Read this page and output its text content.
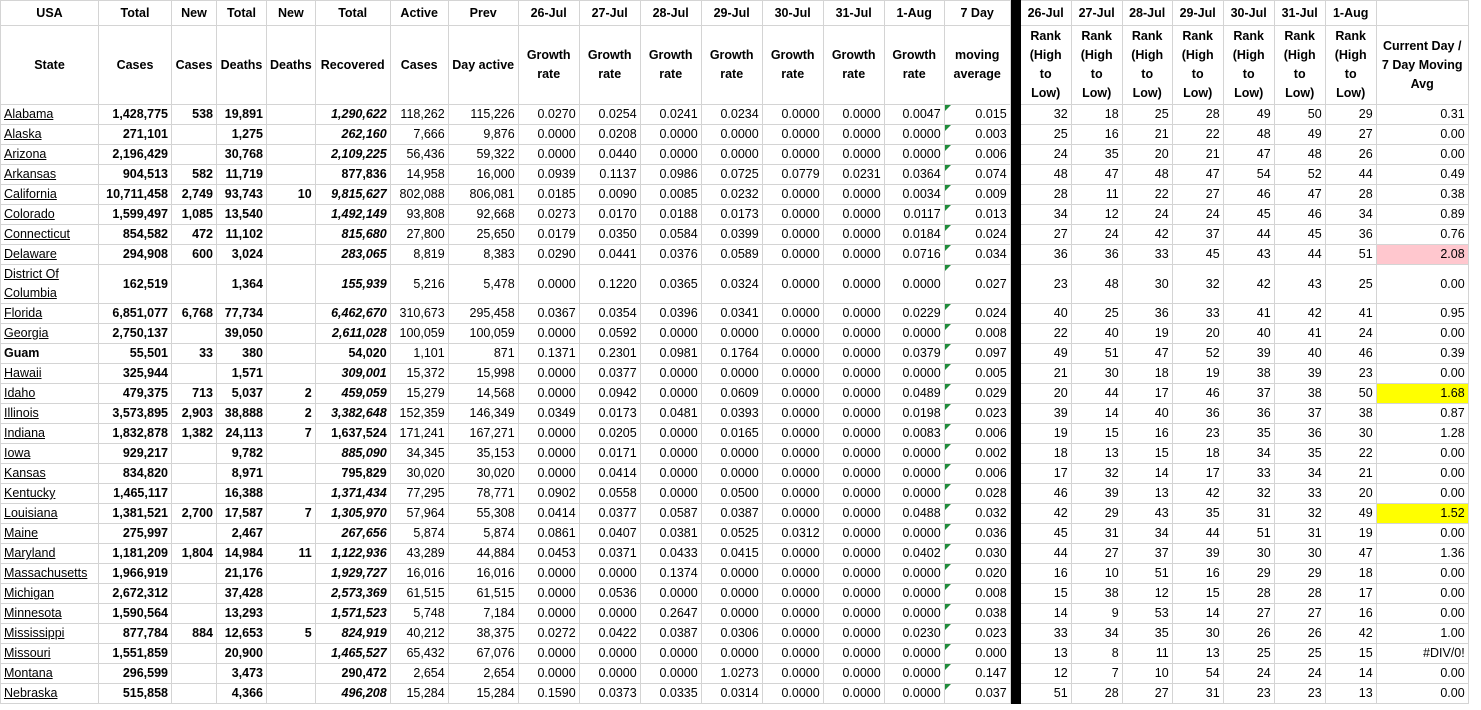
USA	Total	New	Total	New	Total	Active	Prev	26-Jul	27-Jul	28-Jul	29-Jul	30-Jul	31-Jul	1-Aug	7 Day		26-Jul	27-Jul	28-Jul	29-Jul	30-Jul	31-Jul	1-Aug	
State	Cases	Cases	Deaths	Deaths	Recovered	Cases	Day active	Growth rate	Growth rate	Growth rate	Growth rate	Growth rate	Growth rate	Growth rate	moving average		Rank (High to Low)	Rank (High to Low)	Rank (High to Low)	Rank (High to Low)	Rank (High to Low)	Rank (High to Low)	Rank (High to Low)	Current Day / 7 Day Moving Avg
Alabama	1,428,775	538	19,891		1,290,622	118,262	115,226	0.0270	0.0254	0.0241	0.0234	0.0000	0.0000	0.0047	0.015		32	18	25	28	49	50	29	0.31
Alaska	271,101		1,275		262,160	7,666	9,876	0.0000	0.0208	0.0000	0.0000	0.0000	0.0000	0.0000	0.003		25	16	21	22	48	49	27	0.00
Arizona	2,196,429		30,768		2,109,225	56,436	59,322	0.0000	0.0440	0.0000	0.0000	0.0000	0.0000	0.0000	0.006		24	35	20	21	47	48	26	0.00
Arkansas	904,513	582	11,719		877,836	14,958	16,000	0.0939	0.1137	0.0986	0.0725	0.0779	0.0231	0.0364	0.074		48	47	48	47	54	52	44	0.49
California	10,711,458	2,749	93,743	10	9,815,627	802,088	806,081	0.0185	0.0090	0.0085	0.0232	0.0000	0.0000	0.0034	0.009		28	11	22	27	46	47	28	0.38
Colorado	1,599,497	1,085	13,540		1,492,149	93,808	92,668	0.0273	0.0170	0.0188	0.0173	0.0000	0.0000	0.0117	0.013		34	12	24	24	45	46	34	0.89
Connecticut	854,582	472	11,102		815,680	27,800	25,650	0.0179	0.0350	0.0584	0.0399	0.0000	0.0000	0.0184	0.024		27	24	42	37	44	45	36	0.76
Delaware	294,908	600	3,024		283,065	8,819	8,383	0.0290	0.0441	0.0376	0.0589	0.0000	0.0000	0.0716	0.034		36	36	33	45	43	44	51	2.08
District Of Columbia	162,519		1,364		155,939	5,216	5,478	0.0000	0.1220	0.0365	0.0324	0.0000	0.0000	0.0000	0.027		23	48	30	32	42	43	25	0.00
Florida	6,851,077	6,768	77,734		6,462,670	310,673	295,458	0.0367	0.0354	0.0396	0.0341	0.0000	0.0000	0.0229	0.024		40	25	36	33	41	42	41	0.95
Georgia	2,750,137		39,050		2,611,028	100,059	100,059	0.0000	0.0592	0.0000	0.0000	0.0000	0.0000	0.0000	0.008		22	40	19	20	40	41	24	0.00
Guam	55,501	33	380		54,020	1,101	871	0.1371	0.2301	0.0981	0.1764	0.0000	0.0000	0.0379	0.097		49	51	47	52	39	40	46	0.39
Hawaii	325,944		1,571		309,001	15,372	15,998	0.0000	0.0377	0.0000	0.0000	0.0000	0.0000	0.0000	0.005		21	30	18	19	38	39	23	0.00
Idaho	479,375	713	5,037	2	459,059	15,279	14,568	0.0000	0.0942	0.0000	0.0609	0.0000	0.0000	0.0489	0.029		20	44	17	46	37	38	50	1.68
Illinois	3,573,895	2,903	38,888	2	3,382,648	152,359	146,349	0.0349	0.0173	0.0481	0.0393	0.0000	0.0000	0.0198	0.023		39	14	40	36	36	37	38	0.87
Indiana	1,832,878	1,382	24,113	7	1,637,524	171,241	167,271	0.0000	0.0205	0.0000	0.0165	0.0000	0.0000	0.0083	0.006		19	15	16	23	35	36	30	1.28
Iowa	929,217		9,782		885,090	34,345	35,153	0.0000	0.0171	0.0000	0.0000	0.0000	0.0000	0.0000	0.002		18	13	15	18	34	35	22	0.00
Kansas	834,820		8,971		795,829	30,020	30,020	0.0000	0.0414	0.0000	0.0000	0.0000	0.0000	0.0000	0.006		17	32	14	17	33	34	21	0.00
Kentucky	1,465,117		16,388		1,371,434	77,295	78,771	0.0902	0.0558	0.0000	0.0500	0.0000	0.0000	0.0000	0.028		46	39	13	42	32	33	20	0.00
Louisiana	1,381,521	2,700	17,587	7	1,305,970	57,964	55,308	0.0414	0.0377	0.0587	0.0387	0.0000	0.0000	0.0488	0.032		42	29	43	35	31	32	49	1.52
Maine	275,997		2,467		267,656	5,874	5,874	0.0861	0.0407	0.0381	0.0525	0.0312	0.0000	0.0000	0.036		45	31	34	44	51	31	19	0.00
Maryland	1,181,209	1,804	14,984	11	1,122,936	43,289	44,884	0.0453	0.0371	0.0433	0.0415	0.0000	0.0000	0.0402	0.030		44	27	37	39	30	30	47	1.36
Massachusetts	1,966,919		21,176		1,929,727	16,016	16,016	0.0000	0.0000	0.1374	0.0000	0.0000	0.0000	0.0000	0.020		16	10	51	16	29	29	18	0.00
Michigan	2,672,312		37,428		2,573,369	61,515	61,515	0.0000	0.0536	0.0000	0.0000	0.0000	0.0000	0.0000	0.008		15	38	12	15	28	28	17	0.00
Minnesota	1,590,564		13,293		1,571,523	5,748	7,184	0.0000	0.0000	0.2647	0.0000	0.0000	0.0000	0.0000	0.038		14	9	53	14	27	27	16	0.00
Mississippi	877,784	884	12,653	5	824,919	40,212	38,375	0.0272	0.0422	0.0387	0.0306	0.0000	0.0000	0.0230	0.023		33	34	35	30	26	26	42	1.00
Missouri	1,551,859		20,900		1,465,527	65,432	67,076	0.0000	0.0000	0.0000	0.0000	0.0000	0.0000	0.0000	0.000		13	8	11	13	25	25	15	#DIV/0!
Montana	296,599		3,473		290,472	2,654	2,654	0.0000	0.0000	0.0000	1.0273	0.0000	0.0000	0.0000	0.147		12	7	10	54	24	24	14	0.00
Nebraska	515,858		4,366		496,208	15,284	15,284	0.1590	0.0373	0.0335	0.0314	0.0000	0.0000	0.0000	0.037		51	28	27	31	23	23	13	0.00
